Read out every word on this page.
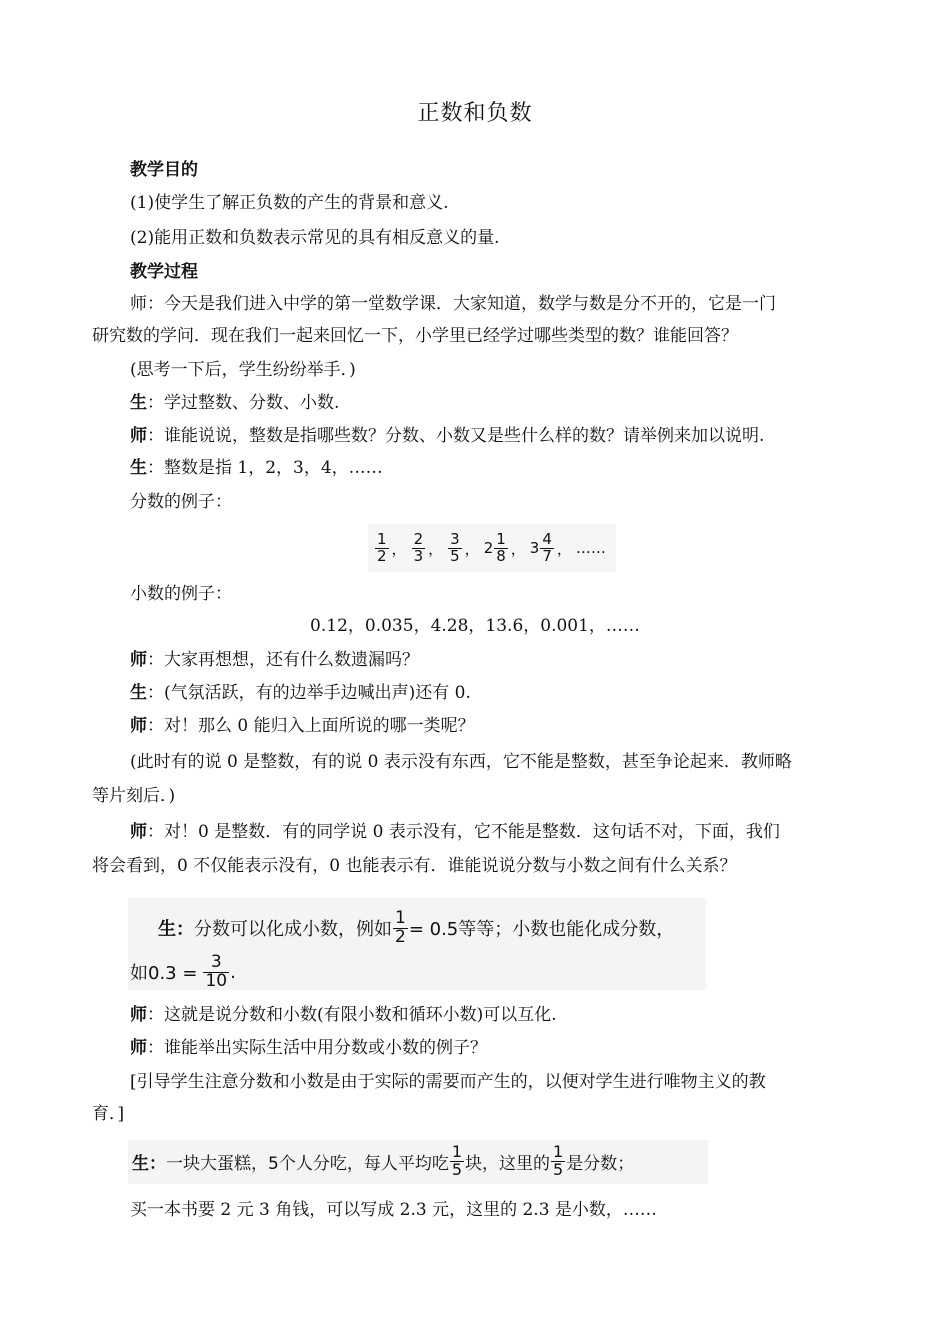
正数和负数
教学目的
(1)使学生了解正负数的产生的背景和意义.
(2)能用正数和负数表示常见的具有相反意义的量.
教学过程
师：今天是我们进入中学的第一堂数学课．大家知道，数学与数是分不开的，它是一门
研究数的学问．现在我们一起来回忆一下，小学里已经学过哪些类型的数？谁能回答？
(思考一下后，学生纷纷举手．)
生：学过整数、分数、小数.
师：谁能说说，整数是指哪些数？分数、小数又是些什么样的数？请举例来加以说明.
生：整数是指 1，2，3，4，……
分数的例子：
$\frac{1}{2}$ ， $\frac{2}{3}$ ， $\frac{3}{5}$ ， $2 \frac{1}{8}$ ， $3 \frac{4}{7}$ ， ……
小数的例子：
0.12，0.035，4.28，13.6，0.001，……
师：大家再想想，还有什么数遗漏吗？
生：(气氛活跃，有的边举手边喊出声)还有 0.
师：对！那么 0 能归入上面所说的哪一类呢？
(此时有的说 0 是整数，有的说 0 表示没有东西，它不能是整数，甚至争论起来．教师略
等片刻后．)
师：对！0 是整数．有的同学说 0 表示没有，它不能是整数．这句话不对，下面，我们
将会看到，0 不仅能表示没有，0 也能表示有．谁能说说分数与小数之间有什么关系？
生： 分数可以化成小数，例如 $\frac{1}{2} = 0.5$等等；小数也能化成分数，
如$0.3 = \frac{3}{10}$ .
师：这就是说分数和小数(有限小数和循环小数)可以互化.
师：谁能举出实际生活中用分数或小数的例子？
[引导学生注意分数和小数是由于实际的需要而产生的，以便对学生进行唯物主义的教
育．]
生： 一块大蛋糕，5个人分吃，每人平均吃 $\frac{1}{5}$ 块，这里的 $\frac{1}{5}$ 是分数；
买一本书要 2 元 3 角钱，可以写成 2.3 元，这里的 2.3 是小数，……
